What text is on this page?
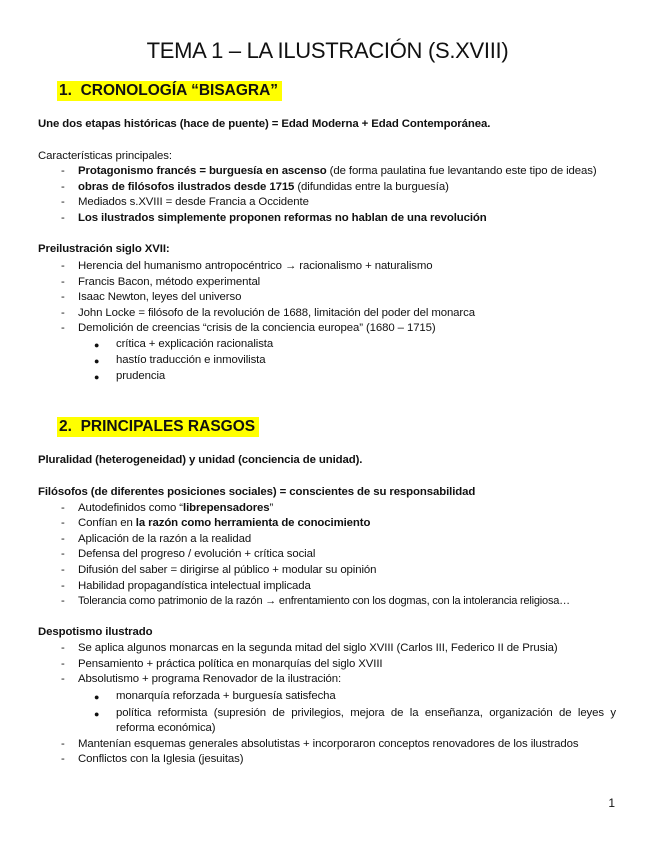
TEMA 1 – LA ILUSTRACIÓN (S.XVIII)
1. CRONOLOGÍA “BISAGRA”
Une dos etapas históricas (hace de puente) = Edad Moderna + Edad Contemporánea.
Características principales:
- Protagonismo francés = burguesía en ascenso (de forma paulatina fue levantando este tipo de ideas)
- obras de filósofos ilustrados desde 1715 (difundidas entre la burguesía)
- Mediados s.XVIII = desde Francia a Occidente
- Los ilustrados simplemente proponen reformas no hablan de una revolución
Preilustración siglo XVII:
- Herencia del humanismo antropocéntrico → racionalismo + naturalismo
- Francis Bacon, método experimental
- Isaac Newton, leyes del universo
- John Locke = filósofo de la revolución de 1688, limitación del poder del monarca
- Demolición de creencias “crisis de la conciencia europea” (1680 – 1715)
● crítica + explicación racionalista
● hastío traducción e inmovilista
● prudencia
2. PRINCIPALES RASGOS
Pluralidad (heterogeneidad) y unidad (conciencia de unidad).
Filósofos (de diferentes posiciones sociales) = conscientes de su responsabilidad
- Autodefinidos como “librepensadores”
- Confían en la razón como herramienta de conocimiento
- Aplicación de la razón a la realidad
- Defensa del progreso / evolución + crítica social
- Difusión del saber = dirigirse al público + modular su opinión
- Habilidad propagandística intelectual implicada
- Tolerancia como patrimonio de la razón → enfrentamiento con los dogmas, con la intolerancia religiosa…
Despotismo ilustrado
- Se aplica algunos monarcas en la segunda mitad del siglo XVIII (Carlos III, Federico II de Prusia)
- Pensamiento + práctica política en monarquías del siglo XVIII
- Absolutismo + programa Renovador de la ilustración:
● monarquía reforzada + burguesía satisfecha
● política reformista (supresión de privilegios, mejora de la enseñanza, organización de leyes y
reforma económica)
- Mantenían esquemas generales absolutistas + incorporaron conceptos renovadores de los ilustrados
- Conflictos con la Iglesia (jesuitas)
1
